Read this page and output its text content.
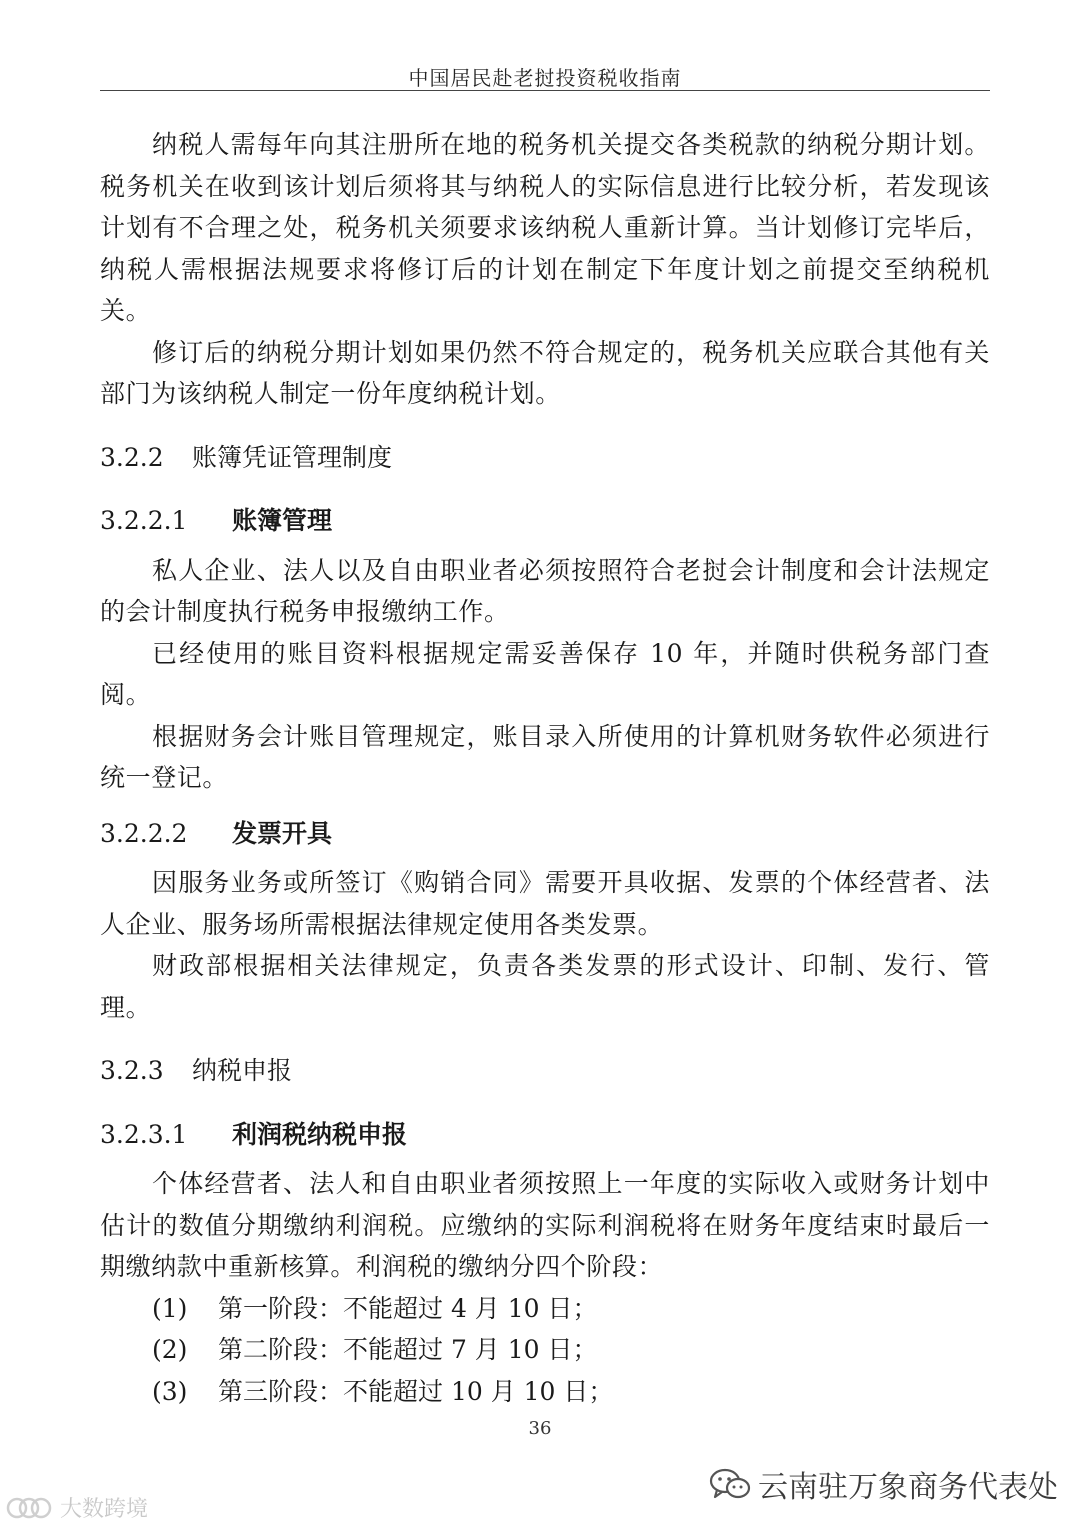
中国居民赴老挝投资税收指南

纳税人需每年向其注册所在地的税务机关提交各类税款的纳税分期计划。税务机关在收到该计划后须将其与纳税人的实际信息进行比较分析，若发现该计划有不合理之处，税务机关须要求该纳税人重新计算。当计划修订完毕后，纳税人需根据法规要求将修订后的计划在制定下年度计划之前提交至纳税机关。

修订后的纳税分期计划如果仍然不符合规定的，税务机关应联合其他有关部门为该纳税人制定一份年度纳税计划。

3.2.2	账簿凭证管理制度
3.2.2.1	账簿管理

私人企业、法人以及自由职业者必须按照符合老挝会计制度和会计法规定的会计制度执行税务申报缴纳工作。

已经使用的账目资料根据规定需妥善保存 10 年，并随时供税务部门查阅。

根据财务会计账目管理规定，账目录入所使用的计算机财务软件必须进行统一登记。

3.2.2.2	发票开具

因服务业务或所签订《购销合同》需要开具收据、发票的个体经营者、法人企业、服务场所需根据法律规定使用各类发票。

财政部根据相关法律规定，负责各类发票的形式设计、印制、发行、管理。

3.2.3	纳税申报
3.2.3.1	利润税纳税申报

个体经营者、法人和自由职业者须按照上一年度的实际收入或财务计划中估计的数值分期缴纳利润税。应缴纳的实际利润税将在财务年度结束时最后一期缴纳款中重新核算。利润税的缴纳分四个阶段：

(1)	第一阶段：不能超过 4 月 10 日；
(2)	第二阶段：不能超过 7 月 10 日；
(3)	第三阶段：不能超过 10 月 10 日；
36
云南驻万象商务代表处
大数跨境
